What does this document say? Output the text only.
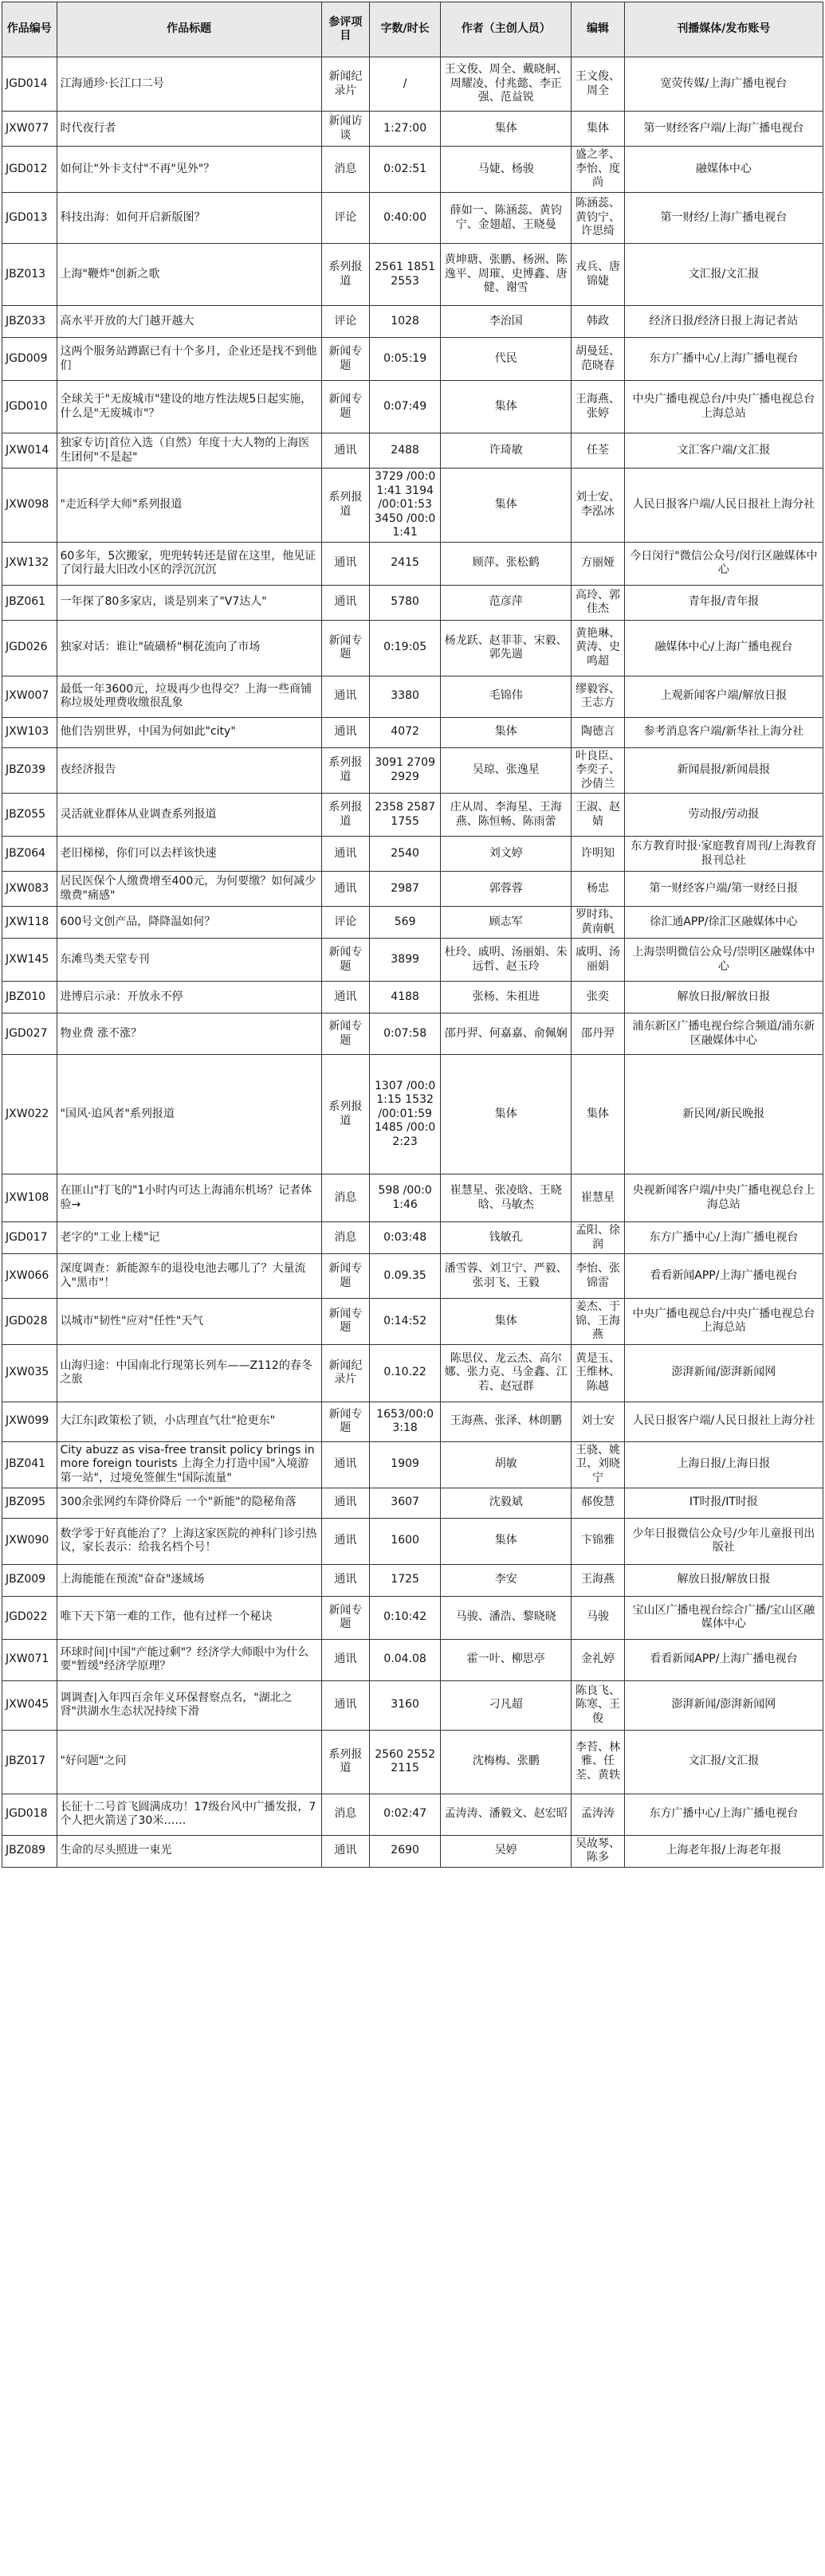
作品编号	作品标题	参评项目	字数/时长	作者（主创人员）	编辑	刊播媒体/发布账号
JGD014	江海通珍·长江口二号	新闻纪录片	/	王文俊、周全、戴晓舸、周耀凌、付兆懿、李正强、范益锐	王文俊、周全	宽荧传媒/上海广播电视台
JXW077	时代夜行者	新闻访谈	1:27:00	集体	集体	第一财经客户端/上海广播电视台
JGD012	如何让"外卡支付"不再"见外"？	消息	0:02:51	马婕、杨骏	盛之孝、李怡、度尚	融媒体中心
JGD013	科技出海：如何开启新版图？	评论	0:40:00	薛如一、陈涵蕊、黄钧宁、金翅超、王晓曼	陈涵蕊、黄钧宁、许思绮	第一财经/上海广播电视台
JBZ013	上海"鞭炸"创新之歌	系列报道	2561 1851 2553	黄坤瑭、张鹏、杨洲、陈逸平、周璀、史博鑫、唐健、谢雪	戎兵、唐锦婕	文汇报/文汇报
JBZ033	高水平开放的大门越开越大	评论	1028	李治国	韩政	经济日报/经济日报上海记者站
JGD009	这两个服务站蹲踞已有十个多月，企业还是找不到他们	新闻专题	0:05:19	代民	胡曼廷、范晓春	东方广播中心/上海广播电视台
JGD010	全球关于"无废城市"建设的地方性法规5日起实施，什么是"无废城市"？	新闻专题	0:07:49	集体	王海燕、张婷	中央广播电视总台/中央广播电视总台上海总站
JXW014	独家专访|首位入选（自然）年度十大人物的上海医生团何"不是起"	通讯	2488	许琦敏	任荃	文汇客户端/文汇报
JXW098	"走近科学大师"系列报道	系列报道	3729 /00:01:41 3194 /00:01:53 3450 /00:01:41	集体	刘士安、李泓冰	人民日报客户端/人民日报社上海分社
JXW132	60多年，5次搬家，兜兜转转还是留在这里，他见证了闵行最大旧改小区的浮沉沉沉	通讯	2415	顾萍、张松鹤	方丽娅	今日闵行"微信公众号/闵行区融媒体中心
JBZ061	一年探了80多家店，谈是别来了"V7达人"	通讯	5780	范彦萍	高玲、郭佳杰	青年报/青年报
JGD026	独家对话：谁让"硫磺桥"桐花流向了市场	新闻专题	0:19:05	杨龙跃、赵菲菲、宋毅、郭先遄	黄艳琳、黄涛、史鸣超	融媒体中心/上海广播电视台
JXW007	最低一年3600元，垃圾再少也得交？上海一些商铺称垃圾处理费收缴很乱象	通讯	3380	毛锦伟	缪毅容、王志方	上观新闻客户端/解放日报
JXW103	他们告别世界，中国为何如此"city"	通讯	4072	集体	陶德言	参考消息客户端/新华社上海分社
JBZ039	夜经济报告	系列报道	3091 2709 2929	吴琼、张逸星	叶良臣、李奕子、沙倩兰	新闻晨报/新闻晨报
JBZ055	灵活就业群体从业调查系列报道	系列报道	2358 2587 1755	庄从周、李海星、王海燕、陈恒畅、陈雨蕾	王淑、赵婧	劳动报/劳动报
JBZ064	老旧梯梯，你们可以去样该快速	通讯	2540	刘文婷	许明知	东方教育时报·家庭教育周刊/上海教育报刊总社
JXW083	居民医保个人缴费增至400元，为何要缴？如何减少缴费"痛感"	通讯	2987	郭蓉蓉	杨忠	第一财经客户端/第一财经日报
JXW118	600号文创产品，降降温如何？	评论	569	顾志军	罗时玮、黄南帆	徐汇通APP/徐汇区融媒体中心
JXW145	东滩鸟类天堂专刊	新闻专题	3899	杜玲、戚明、汤丽娟、朱远哲、赵玉玲	戚明、汤丽娟	上海崇明微信公众号/崇明区融媒体中心
JBZ010	进博启示录：开放永不停	通讯	4188	张杨、朱祖进	张奕	解放日报/解放日报
JGD027	物业费 涨不涨？	新闻专题	0:07:58	邵丹羿、何嘉嘉、俞佩娴	邵丹羿	浦东新区广播电视台综合频道/浦东新区融媒体中心
JXW022	"国风·追风者"系列报道	系列报道	1307 /00:01:15 1532 /00:01:59 1485 /00:02:23	集体	集体	新民网/新民晚报
JXW108	在匪山"打飞的"1小时内可达上海浦东机场？记者体验→	消息	598 /00:01:46	崔慧星、张凌晗、王晓晗、马敏杰	崔慧星	央视新闻客户端/中央广播电视总台上海总站
JGD017	老字的"工业上楼"记	消息	0:03:48	钱敏孔	孟阳、徐润	东方广播中心/上海广播电视台
JXW066	深度调查：新能源车的退役电池去哪儿了？大量流入"黑市"！	新闻专题	0.09.35	潘雪蓉、刘卫宁、严毅、张羽飞、王毅	李怡、张锦雷	看看新闻APP/上海广播电视台
JGD028	以城市"韧性"应对"任性"天气	新闻专题	0:14:52	集体	姜杰、于锦、王海燕	中央广播电视总台/中央广播电视总台上海总站
JXW035	山海归途：中国南北行现第长列车——Z112的春冬之旅	新闻纪录片	0.10.22	陈思仪、龙云杰、高尔娜、张力克、马金鑫、江若、赵冠群	黄是玉、王维林、陈越	澎湃新闻/澎湃新闻网
JXW099	大江东|政策松了锁，小店理直气壮"抢更东"	新闻专题	1653/00:03:18	王海燕、张泽、林朗鹏	刘士安	人民日报客户端/人民日报社上海分社
JBZ041	City abuzz as visa-free transit policy brings in more foreign tourists 上海全力打造中国"入境游第一站"，过境免签催生"国际流量"	通讯	1909	胡敏	王骁、姚卫、刘晓宁	上海日报/上海日报
JBZ095	300余张网约车降价降后 一个"新能"的隐秘角落	通讯	3607	沈毅斌	郝俊慧	IT时报/IT时报
JXW090	数学零于好真能治了？上海这家医院的神科门诊引热议，家长表示：给我名档个号！	通讯	1600	集体	卞锦雅	少年日报微信公众号/少年儿童报刊出版社
JBZ009	上海能能在预流"奋奋"逐域场	通讯	1725	李安	王海燕	解放日报/解放日报
JGD022	唯下天下第一难的工作，他有过样一个秘诀	新闻专题	0:10:42	马骏、潘浩、黎晓晓	马骏	宝山区广播电视台综合广播/宝山区融媒体中心
JXW071	环球时间|中国"产能过剩"？经济学大师眼中为什么要"暂缓"经济学原理？	通讯	0.04.08	霍一叶、柳思亭	金礼婷	看看新闻APP/上海广播电视台
JXW045	调调查|入年四百余年义环保督察点名，"湖北之肾"洪湖水生态状况持续下滑	通讯	3160	刁凡超	陈良飞、陈寒、王俊	澎湃新闻/澎湃新闻网
JBZ017	"好问题"之问	系列报道	2560 2552 2115	沈梅梅、张鹏	李苔、林雅、任荃、黄轶	文汇报/文汇报
JGD018	长征十二号首飞圆满成功！17级台风中广播发报，7个人把火箭送了30米……	消息	0:02:47	孟涛涛、潘毅文、赵宏昭	孟涛涛	东方广播中心/上海广播电视台
JBZ089	生命的尽头照进一束光	通讯	2690	吴婷	吴故琴、陈多	上海老年报/上海老年报
